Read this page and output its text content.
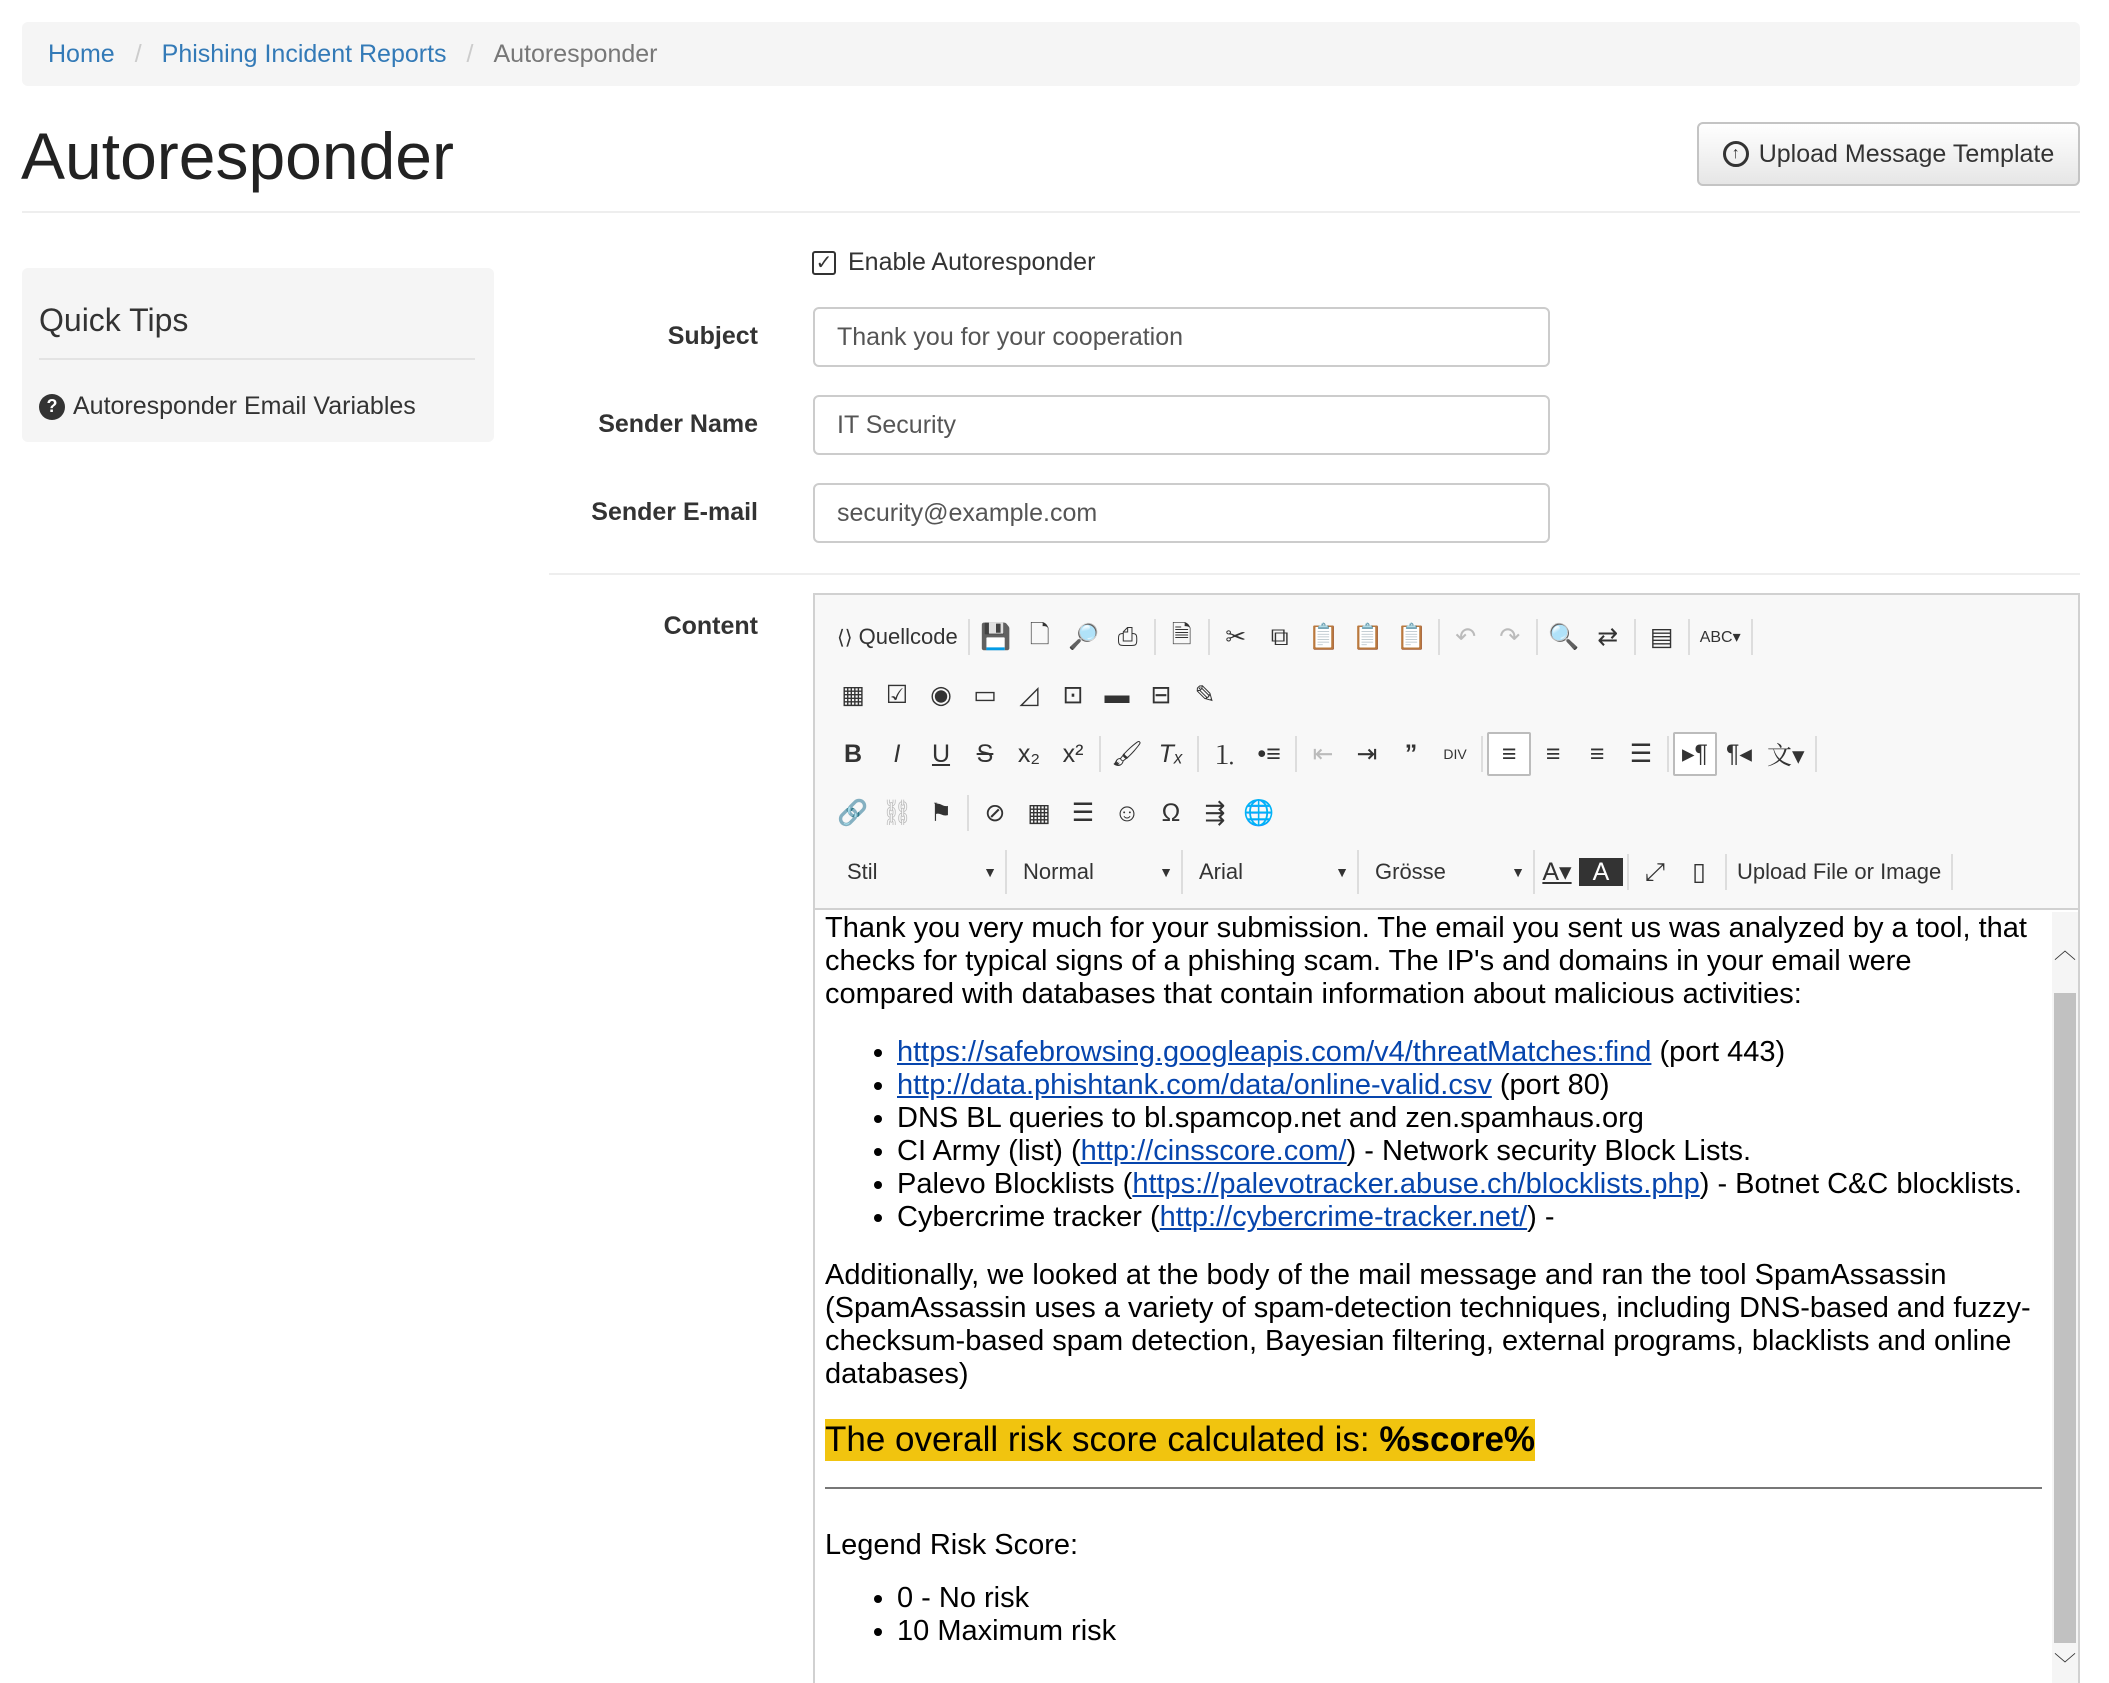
Home / Phishing Incident Reports / Autoresponder
Autoresponder	↑ Upload Message Template
Quick Tips
? Autoresponder Email Variables
✓ Enable Autoresponder
Subject
Thank you for your cooperation
Sender Name
IT Security
Sender E-mail
security@example.com
Content	⟨⟩ Quellcode 💾 🗋 🔎 ⎙	🗎	✂ ⧉ 📋 📋 📋	↶ ↷	🔍 ⇄	▤	ABC▾
▦ ☑ ◉ ▭ ◿ ⊡ ▬ ⊟ ✎
B	I	U	S x₂ x²	🖌 Tₓ	⒈ •≡	⇤ ⇥	”	DIV	≡	≡	≡	☰	▸¶ ¶◂ 文▾
🔗 ⛓ ⚑	⊘ ▦ ☰ ☺ Ω ⇶ 🌐
Stil	▼ Normal	▼ Arial	▼ Grösse	▼ A▾ A	⤢	▯	Upload File or Image

Thank you very much for your submission. The email you sent us was analyzed by a tool, that checks for typical signs of a phishing scam. The IP's and domains in your email were compared with databases that contain information about malicious activities:

• https://safebrowsing.googleapis.com/v4/threatMatches:find (port 443)
• http://data.phishtank.com/data/online-valid.csv (port 80)
• DNS BL queries to bl.spamcop.net and zen.spamhaus.org
• CI Army (list) (http://cinsscore.com/) - Network security Block Lists.
• Palevo Blocklists (https://palevotracker.abuse.ch/blocklists.php) - Botnet C&C blocklists.
• Cybercrime tracker (http://cybercrime-tracker.net/) -

Additionally, we looked at the body of the mail message and ran the tool SpamAssassin (SpamAssassin uses a variety of spam-detection techniques, including DNS-based and fuzzy-checksum-based spam detection, Bayesian filtering, external programs, blacklists and online databases)

The overall risk score calculated is: %score%

Legend Risk Score:

• 0 - No risk
• 10 Maximum risk
︿
﹀
